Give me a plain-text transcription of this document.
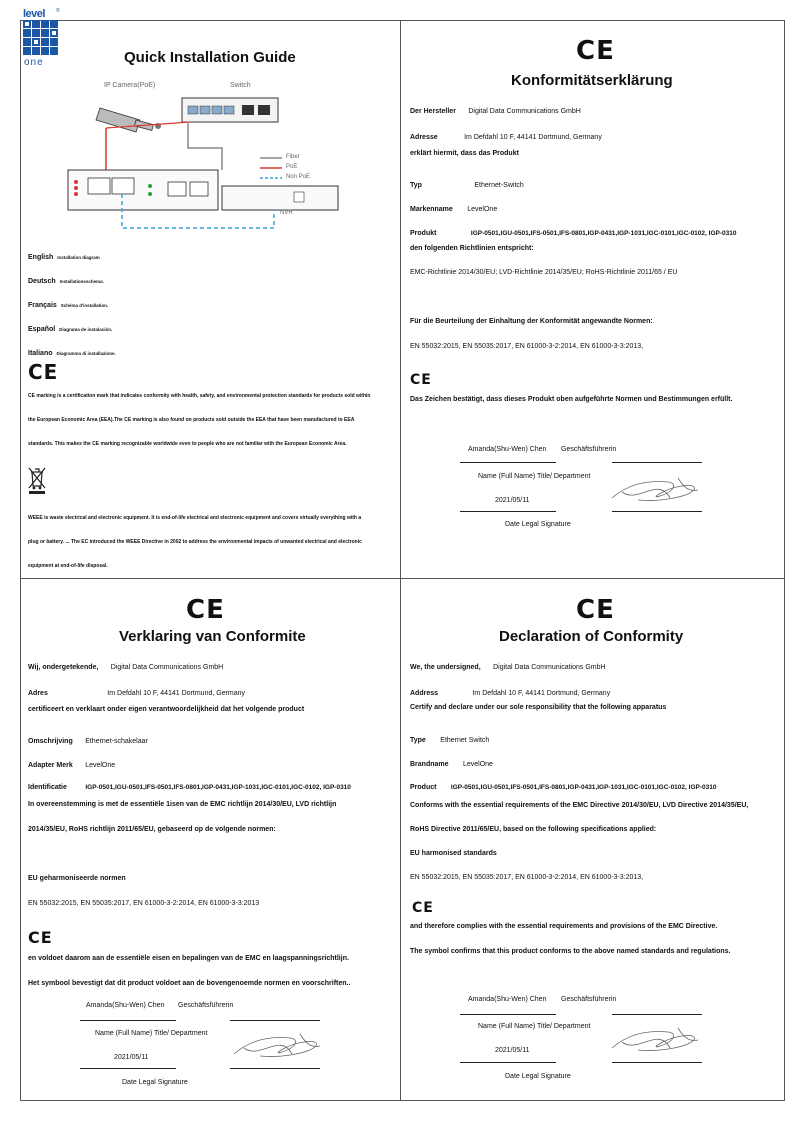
level ®
one	Quick Installation Guide
IP Camera(PoE)	Switch
Fiber
PoE
Non PoE
NVR
English Installation diagram
Deutsch Installationsschema.
Français Schéma d'installation.
Español Diagrama de instalación.
Italiano Diagramma di installazione.
CE
CE marking is a certification mark that indicates conformity with health, safety, and environmental protection standards for products sold within
the European Economic Area (EEA).The CE marking is also found on products sold outside the EEA that have been manufactured to EEA
standards. This makes the CE marking recognizable worldwide even to people who are not familiar with the European Economic Area.
WEEE is waste electrical and electronic equipment. It is end-of-life electrical and electronic equipment and covers virtually everything with a
plug or battery. ... The EC introduced the WEEE Directive in 2002 to address the environmental impacts of unwanted electrical and electronic
equipment at end-of-life disposal.
CE
Konformitätserklärung
Der Hersteller Digital Data Communications GmbH
Adresse	Im Defdahl 10 F, 44141 Dortmund, Germany
erklärt hiermit, dass das Produkt
Typ	Ethernet-Switch
Markenname LevelOne
Produkt	IGP-0501,IGU-0501,IFS-0501,IFS-0801,IGP-0431,IGP-1031,IGC-0101,IGC-0102, IGP-0310
den folgenden Richtlinien entspricht:
EMC-Richtlinie 2014/30/EU; LVD-Richtlinie 2014/35/EU; RoHS-Richtlinie 2011/65 / EU
Für die Beurteilung der Einhaltung der Konformität angewandte Normen:
EN 55032:2015, EN 55035:2017, EN 61000-3-2:2014, EN 61000-3-3:2013,
CE
Das Zeichen bestätigt, dass dieses Produkt oben aufgeführte Normen und Bestimmungen erfüllt.
Amanda(Shu-Wen) Chen Geschäftsführerin
Name (Full Name) Title/ Department
2021/05/11
Date Legal Signature
CE
Verklaring van Conformite
Wij, ondergetekende, Digital Data Communications GmbH
Adres	Im Defdahl 10 F, 44141 Dortmund, Germany
certificeert en verklaart onder eigen verantwoordelijkheid dat het volgende product
Omschrijving Ethernet-schakelaar
Adapter Merk LevelOne
Identificatie	IGP-0501,IGU-0501,IFS-0501,IFS-0801,IGP-0431,IGP-1031,IGC-0101,IGC-0102, IGP-0310
In overeenstemming is met de essentiële 1isen van de EMC richtlijn 2014/30/EU, LVD richtlijn
2014/35/EU, RoHS richtlijn 2011/65/EU, gebaseerd op de volgende normen:
EU geharmoniseerde normen
EN 55032:2015, EN 55035:2017, EN 61000-3-2:2014, EN 61000-3-3:2013
CE
en voldoet daarom aan de essentiële eisen en bepalingen van de EMC en laagspanningsrichtlijn.
Het symbool bevestigt dat dit product voldoet aan de bovengenoemde normen en voorschriften..
Amanda(Shu-Wen) Chen Geschäftsführerin
Name (Full Name) Title/ Department
2021/05/11
Date Legal Signature
CE
Declaration of Conformity
We, the undersigned, Digital Data Communications GmbH
Address	Im Defdahl 10 F, 44141 Dortmund, Germany
Certify and declare under our sole responsibility that the following apparatus
Type Ethernet Switch
Brandname LevelOne
Product IGP-0501,IGU-0501,IFS-0501,IFS-0801,IGP-0431,IGP-1031,IGC-0101,IGC-0102, IGP-0310
Conforms with the essential requirements of the EMC Directive 2014/30/EU, LVD Directive 2014/35/EU,
RoHS Directive 2011/65/EU, based on the following specifications applied:
EU harmonised standards
EN 55032:2015, EN 55035:2017, EN 61000-3-2:2014, EN 61000-3-3:2013,
CE
and therefore complies with the essential requirements and provisions of the EMC Directive.
The symbol confirms that this product conforms to the above named standards and regulations.
Amanda(Shu-Wen) Chen Geschäftsführerin
Name (Full Name) Title/ Department
2021/05/11
Date Legal Signature
